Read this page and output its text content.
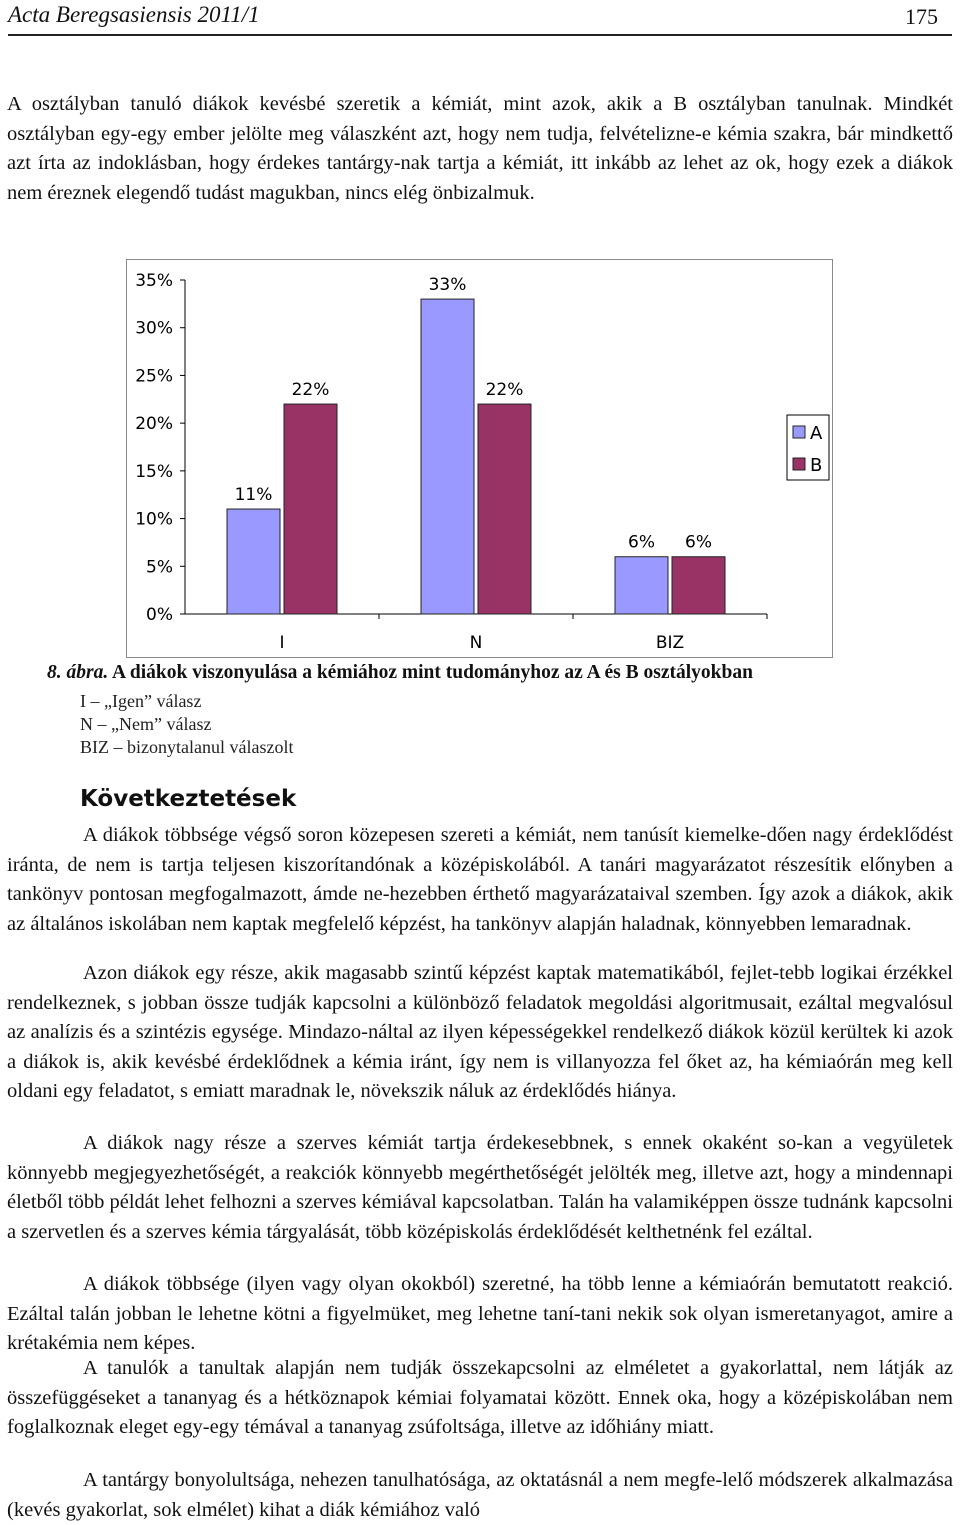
Acta Beregsasiensis 2011/1	175

A osztályban tanuló diákok kevésbé szeretik a kémiát, mint azok, akik a B osztályban tanulnak. Mindkét osztályban egy-egy ember jelölte meg válaszként azt, hogy nem tudja, felvételizne-e kémia szakra, bár mindkettő azt írta az indoklásban, hogy érdekes tantárgy-nak tartja a kémiát, itt inkább az lehet az ok, hogy ezek a diákok nem éreznek elegendő tudást magukban, nincs elég önbizalmuk.

0%
5%
10%
15%
20%
25%
30%
35%
11%
22%
I
33%
22%
N
6% 6%
BIZ
A
B
8. ábra. A diákok viszonyulása a kémiához mint tudományhoz az A és B osztályokban
I – „Igen” válasz
N – „Nem” válasz
BIZ – bizonytalanul válaszolt
Következtetések

A diákok többsége végső soron közepesen szereti a kémiát, nem tanúsít kiemelke-dően nagy érdeklődést iránta, de nem is tartja teljesen kiszorítandónak a középiskolából. A tanári magyarázatot részesítik előnyben a tankönyv pontosan megfogalmazott, ámde ne-hezebben érthető magyarázataival szemben. Így azok a diákok, akik az általános iskolában nem kaptak megfelelő képzést, ha tankönyv alapján haladnak, könnyebben lemaradnak.

Azon diákok egy része, akik magasabb szintű képzést kaptak matematikából, fejlet-tebb logikai érzékkel rendelkeznek, s jobban össze tudják kapcsolni a különböző feladatok megoldási algoritmusait, ezáltal megvalósul az analízis és a szintézis egysége. Mindazo-náltal az ilyen képességekkel rendelkező diákok közül kerültek ki azok a diákok is, akik kevésbé érdeklődnek a kémia iránt, így nem is villanyozza fel őket az, ha kémiaórán meg kell oldani egy feladatot, s emiatt maradnak le, növekszik náluk az érdeklődés hiánya.

A diákok nagy része a szerves kémiát tartja érdekesebbnek, s ennek okaként so-kan a vegyületek könnyebb megjegyezhetőségét, a reakciók könnyebb megérthetőségét jelölték meg, illetve azt, hogy a mindennapi életből több példát lehet felhozni a szerves kémiával kapcsolatban. Talán ha valamiképpen össze tudnánk kapcsolni a szervetlen és a szerves kémia tárgyalását, több középiskolás érdeklődését kelthetnénk fel ezáltal.

A diákok többsége (ilyen vagy olyan okokból) szeretné, ha több lenne a kémiaórán bemutatott reakció. Ezáltal talán jobban le lehetne kötni a figyelmüket, meg lehetne taní-tani nekik sok olyan ismeretanyagot, amire a krétakémia nem képes.

A tanulók a tanultak alapján nem tudják összekapcsolni az elméletet a gyakorlattal, nem látják az összefüggéseket a tananyag és a hétköznapok kémiai folyamatai között. Ennek oka, hogy a középiskolában nem foglalkoznak eleget egy-egy témával a tananyag zsúfoltsága, illetve az időhiány miatt.

A tantárgy bonyolultsága, nehezen tanulhatósága, az oktatásnál a nem megfe-lelő módszerek alkalmazása (kevés gyakorlat, sok elmélet) kihat a diák kémiához való
